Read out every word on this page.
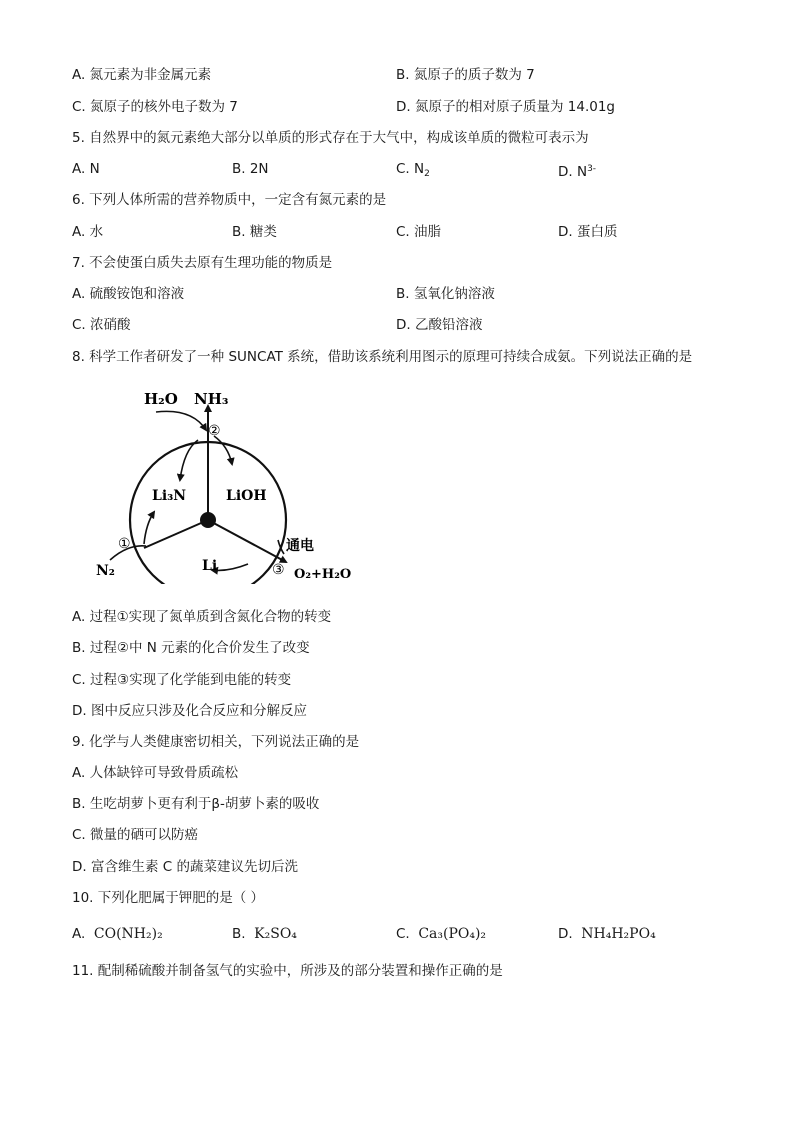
A. 氮元素为非金属元素	B. 氮原子的质子数为 7
C. 氮原子的核外电子数为 7	D. 氮原子的相对原子质量为 14.01g
5. 自然界中的氮元素绝大部分以单质的形式存在于大气中，构成该单质的微粒可表示为
A. N	B. 2N	C. $N_2$	D. $N^{3-}$
6. 下列人体所需的营养物质中，一定含有氮元素的是
A. 水	B. 糖类	C. 油脂	D. 蛋白质
7. 不会使蛋白质失去原有生理功能的物质是
A. 硫酸铵饱和溶液	B. 氢氧化钠溶液
C. 浓硝酸	D. 乙酸铅溶液
8. 科学工作者研发了一种 SUNCAT 系统，借助该系统利用图示的原理可持续合成氨。下列说法正确的是
H₂O NH₃
②
Li₃N	LiOH
Li
①
N₂
通电
③ O₂+H₂O
A. 过程①实现了氮单质到含氮化合物的转变
B. 过程②中 N 元素的化合价发生了改变
C. 过程③实现了化学能到电能的转变
D. 图中反应只涉及化合反应和分解反应
9. 化学与人类健康密切相关，下列说法正确的是
A. 人体缺锌可导致骨质疏松
B. 生吃胡萝卜更有利于β-胡萝卜素的吸收
C. 微量的硒可以防癌
D. 富含维生素 C 的蔬菜建议先切后洗
10. 下列化肥属于钾肥的是（ ）
A. CO(NH₂)₂	B. K₂SO₄	C. Ca₃(PO₄)₂	D. NH₄H₂PO₄
11. 配制稀硫酸并制备氢气的实验中，所涉及的部分装置和操作正确的是
